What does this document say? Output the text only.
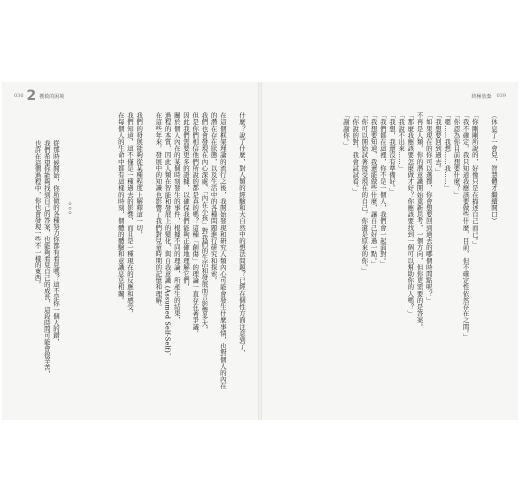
036 2 獲救的困境

什麼？說了什麼，對人類的經驗和大自然中的想法問題？已經在個性方面注意到了，

在這個框架理論的流行之後，我開始發現和研究人類內心可能會發生什麼事情，也對個人的內在

的潛在存在狀態，以及生活中的各種問題進行研究和探索。

我們也會發現在內心深處，「內在小孩」對我們的生活和發展而言影響多大，

但是你們相信他們所說的都是真的嗎？這種「創傷」的理論一直存在著爭議，

因此我們需要更多的證據，以確保我們能夠正確地理解它們，

關於個人內在的某個時刻發生的事件，根據不同的理論，所產生的結果，

過程的本質，因此人類在智能和發展上的變化，與自我意識 (Assumed Self-Self)，

在這些年來，發展中的知識也影響了我們對兒童時期的記憶和理解。

我們的發展能夠從某種程度上解釋這一切，

我們知道，這不僅是一種過去的影響，而且是一種現在的反應和感受，

在每個人的生命中都有這樣的時刻，個體的體驗和意識息息相關。

。。。

從那時候開始，你所做的各種努力你都有看見嗎？這不是你一個人的錯，

我們希望你能夠找到自己的答案，也能夠看見自己的成長，這段時間可能會很辛苦，

也許在這個過程中，你也會發現一些不一樣的東西。

終極放棄 039

（休息了一會兒，智慧體才繼續開口）

「你剛剛所說的，好像只是在描述自己而已。」

「我不確定，我只知道我應該要做些什麼，目前，但不確定性依然存在之間。」

「你認為你目前想要什麼？」

「嗯……我想……我……」

「我想要回到過去。」

「如果現在的你可以選擇，你會想要回到過去的哪個時間點呢？」

不再是人類，你的潛意識開始重新思考，一個方向，但你更需要的是答案。

「那麼我應該要怎麼做才好？你應該要找到一個可以幫助你的人嗎？」

「我說不出來……」

「我想，我還沒有準備好。」

「我們都在這裡，你不是一個人，我們會一起面對。」

「我想要知道，我還能做些什麼，讓自己好過一點。」

「你可以開始試著接受現在的自己，你還是原來的你。」

「你說的對，我會試試看。」

「謝謝你。」
